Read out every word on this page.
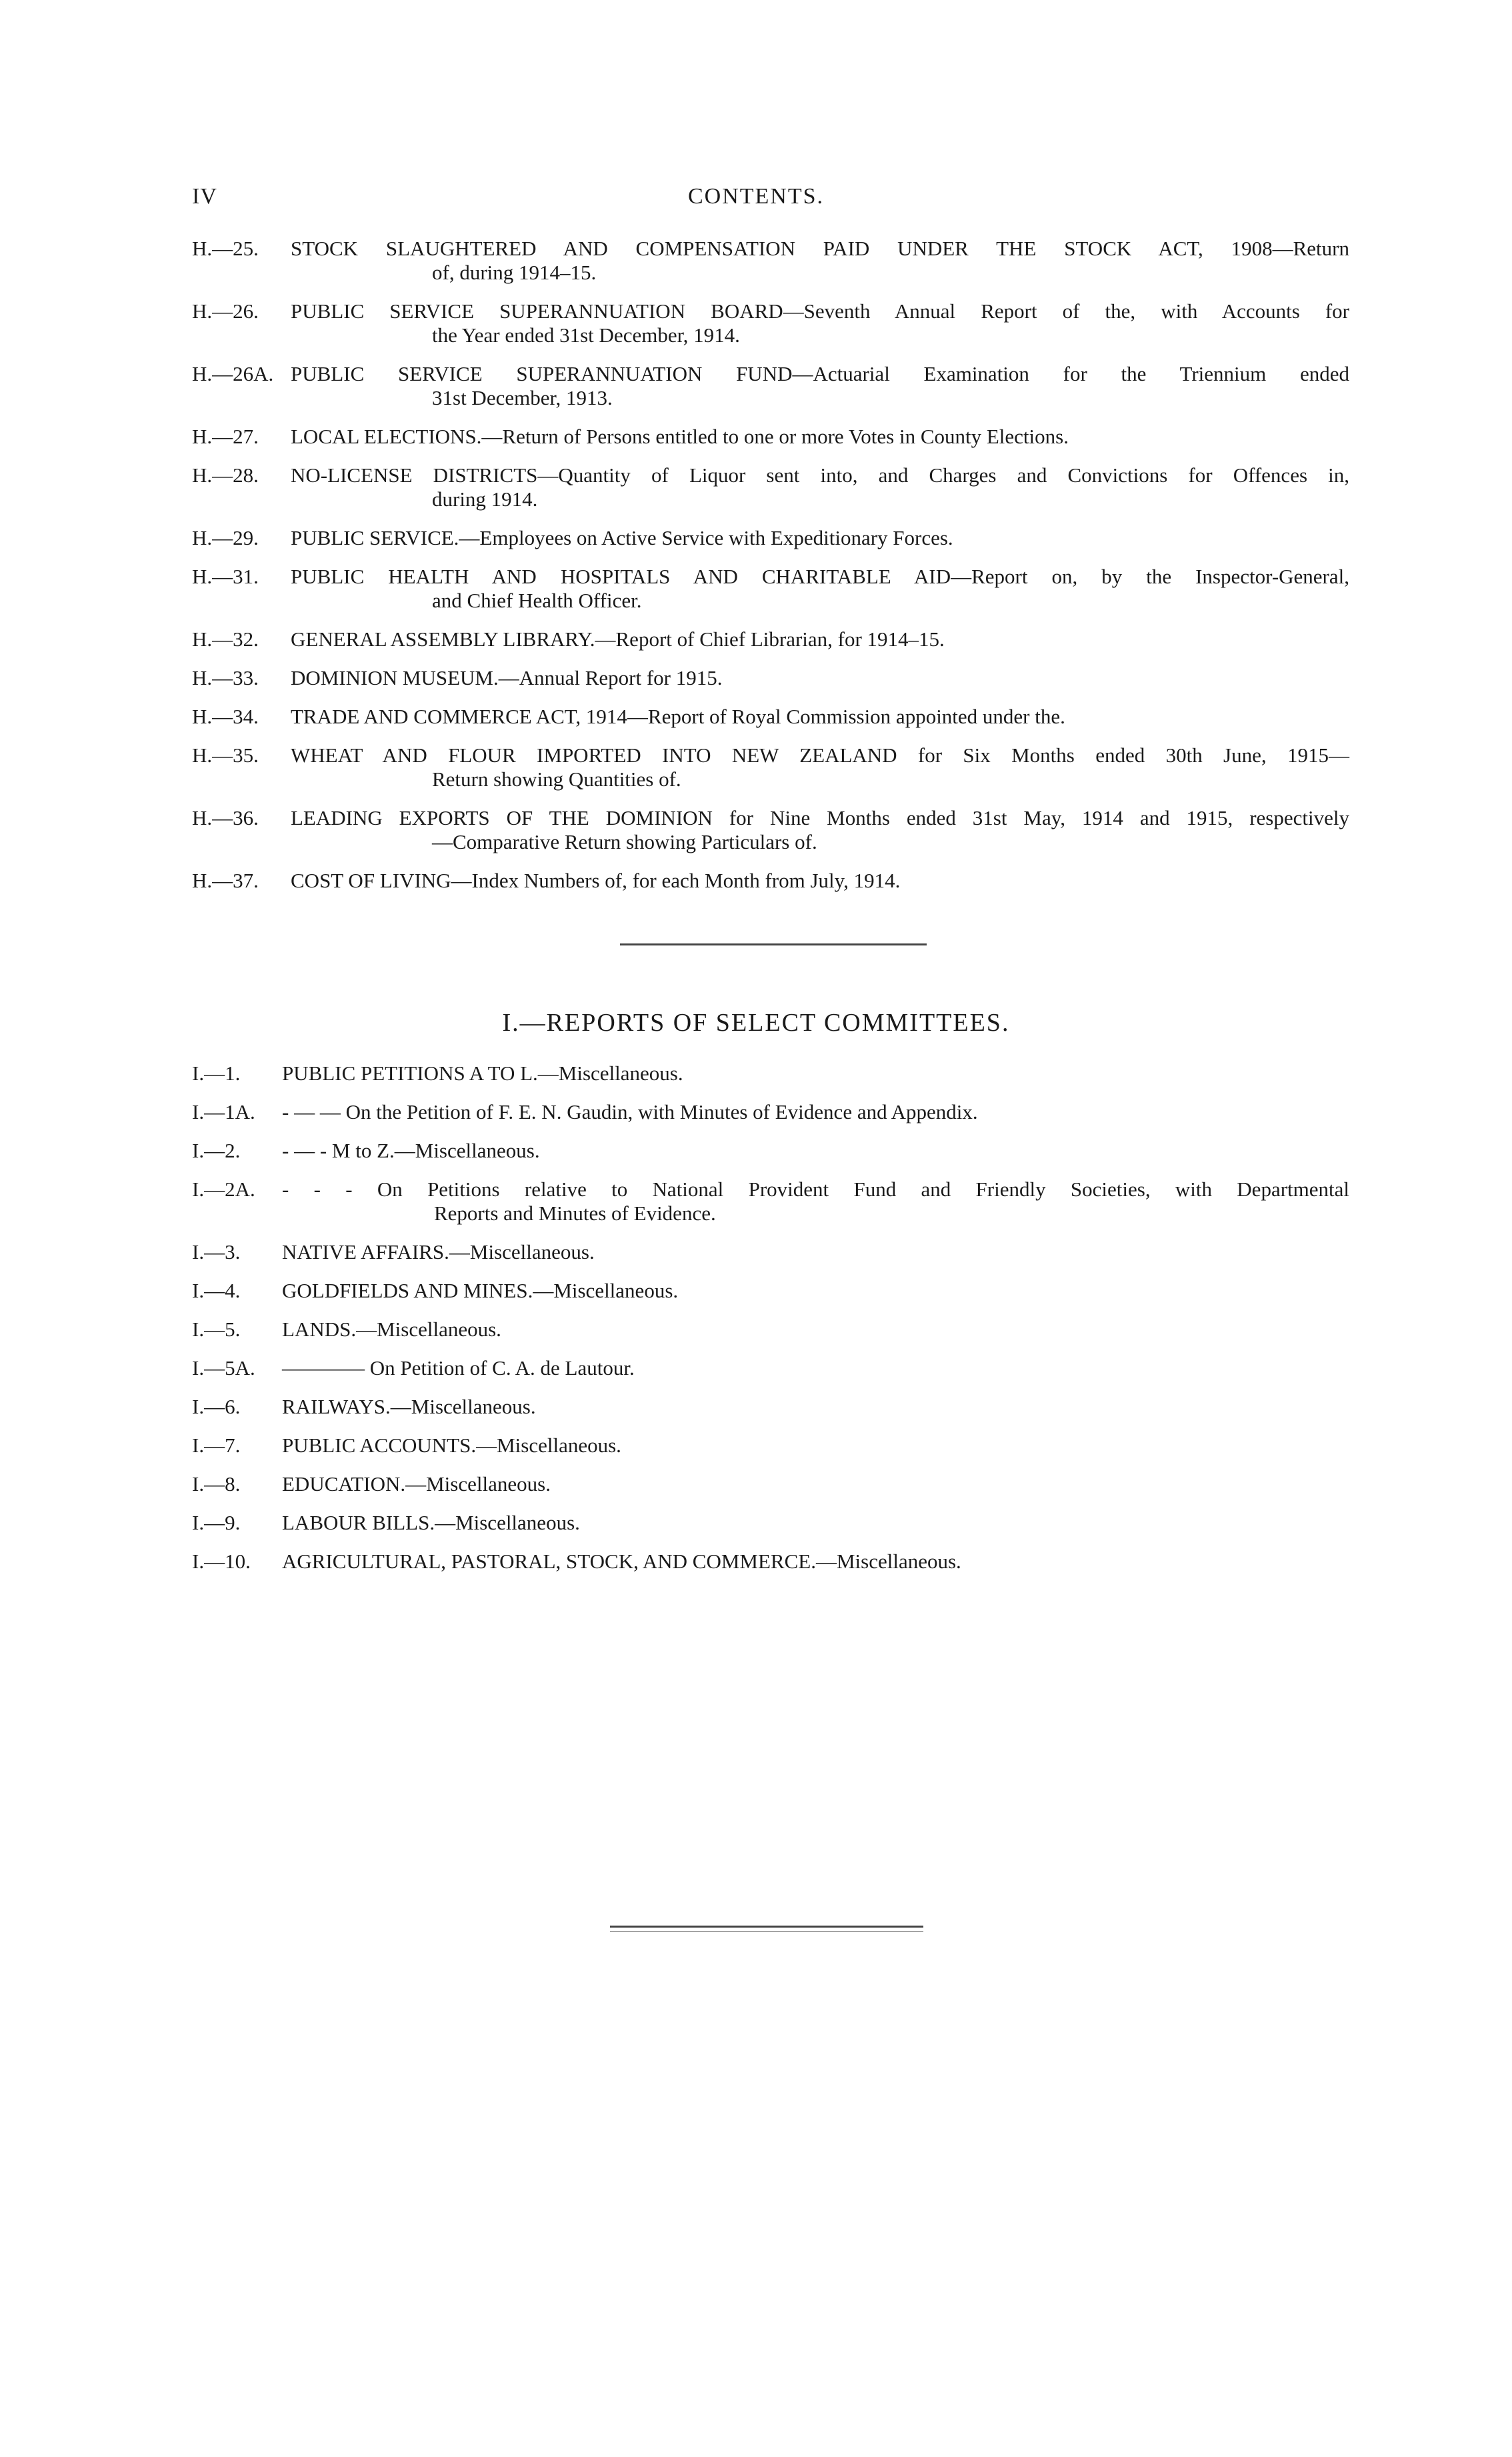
IV	CONTENTS.
H.—25.	STOCK SLAUGHTERED AND COMPENSATION PAID UNDER THE STOCK ACT, 1908—Return
of, during 1914–15.
H.—26.	PUBLIC SERVICE SUPERANNUATION BOARD—Seventh Annual Report of the, with Accounts for
the Year ended 31st December, 1914.
H.—26A. PUBLIC SERVICE SUPERANNUATION FUND—Actuarial Examination for the Triennium ended
31st December, 1913.
H.—27.	LOCAL ELECTIONS.—Return of Persons entitled to one or more Votes in County Elections.
H.—28.	NO-LICENSE DISTRICTS—Quantity of Liquor sent into, and Charges and Convictions for Offences in,
during 1914.
H.—29.	PUBLIC SERVICE.—Employees on Active Service with Expeditionary Forces.
H.—31.	PUBLIC HEALTH AND HOSPITALS AND CHARITABLE AID—Report on, by the Inspector-General,
and Chief Health Officer.
H.—32.	GENERAL ASSEMBLY LIBRARY.—Report of Chief Librarian, for 1914–15.
H.—33.	DOMINION MUSEUM.—Annual Report for 1915.
H.—34.	TRADE AND COMMERCE ACT, 1914—Report of Royal Commission appointed under the.
H.—35.	WHEAT AND FLOUR IMPORTED INTO NEW ZEALAND for Six Months ended 30th June, 1915—
Return showing Quantities of.
H.—36.	LEADING EXPORTS OF THE DOMINION for Nine Months ended 31st May, 1914 and 1915, respectively
—Comparative Return showing Particulars of.
H.—37.	COST OF LIVING—Index Numbers of, for each Month from July, 1914.
I.—REPORTS OF SELECT COMMITTEES.
I.—1.	PUBLIC PETITIONS A TO L.—Miscellaneous.
I.—1A.	- — — On the Petition of F. E. N. Gaudin, with Minutes of Evidence and Appendix.
I.—2.	- — - M to Z.—Miscellaneous.
I.—2A.	- - - On Petitions relative to National Provident Fund and Friendly Societies, with Departmental
Reports and Minutes of Evidence.
I.—3.	NATIVE AFFAIRS.—Miscellaneous.
I.—4.	GOLDFIELDS AND MINES.—Miscellaneous.
I.—5.	LANDS.—Miscellaneous.
I.—5A.	———— On Petition of C. A. de Lautour.
I.—6.	RAILWAYS.—Miscellaneous.
I.—7.	PUBLIC ACCOUNTS.—Miscellaneous.
I.—8.	EDUCATION.—Miscellaneous.
I.—9.	LABOUR BILLS.—Miscellaneous.
I.—10.	AGRICULTURAL, PASTORAL, STOCK, AND COMMERCE.—Miscellaneous.
